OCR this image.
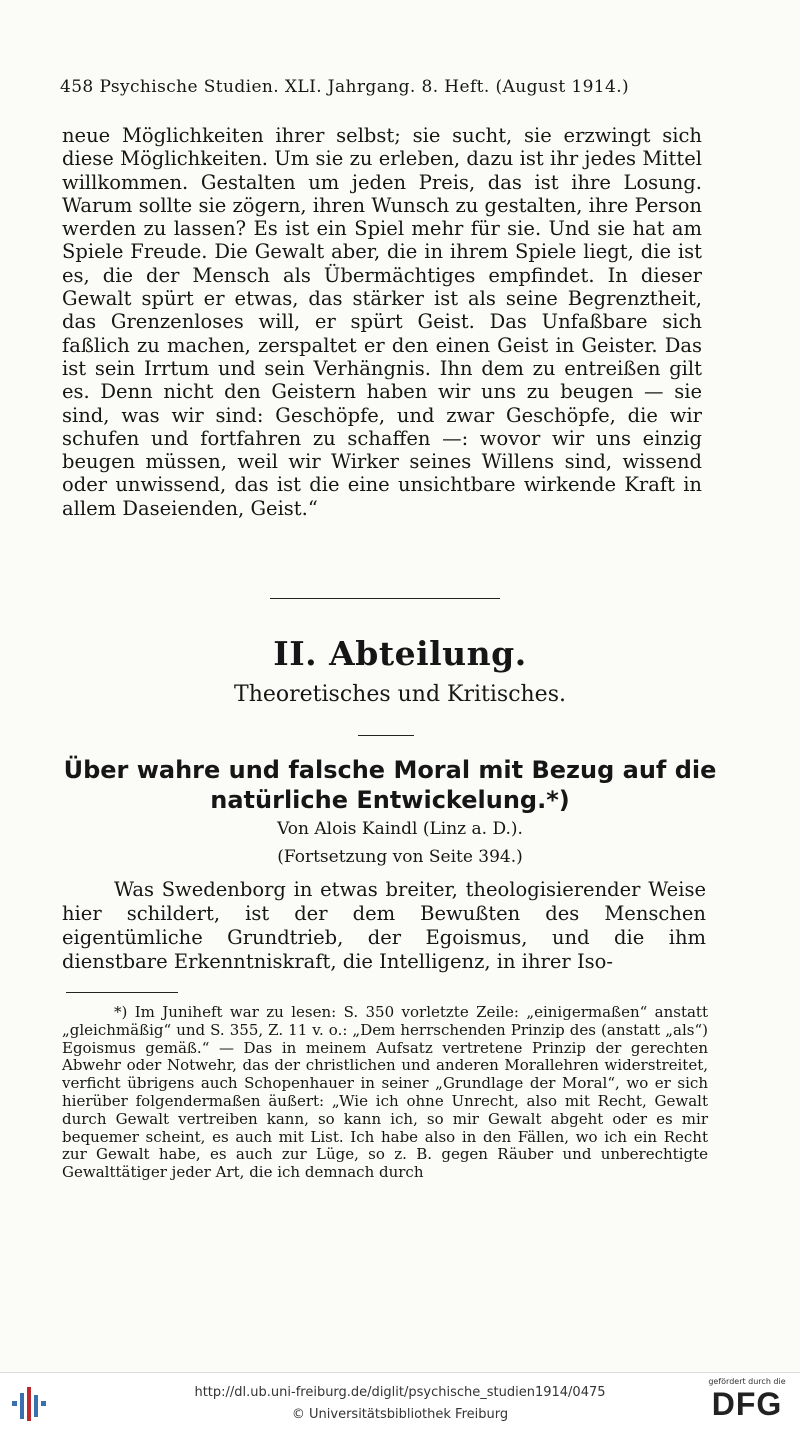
458 Psychische Studien. XLI. Jahrgang. 8. Heft. (August 1914.)

neue Möglichkeiten ihrer selbst; sie sucht, sie erzwingt sich diese Möglichkeiten. Um sie zu erleben, dazu ist ihr jedes Mittel willkommen. Gestalten um jeden Preis, das ist ihre Losung. Warum sollte sie zögern, ihren Wunsch zu gestalten, ihre Person werden zu lassen? Es ist ein Spiel mehr für sie. Und sie hat am Spiele Freude. Die Gewalt aber, die in ihrem Spiele liegt, die ist es, die der Mensch als Übermächtiges empfindet. In dieser Gewalt spürt er etwas, das stärker ist als seine Begrenztheit, das Grenzenloses will, er spürt Geist. Das Unfaßbare sich faßlich zu machen, zerspaltet er den einen Geist in Geister. Das ist sein Irrtum und sein Verhängnis. Ihn dem zu entreißen gilt es. Denn nicht den Geistern haben wir uns zu beugen — sie sind, was wir sind: Geschöpfe, und zwar Geschöpfe, die wir schufen und fortfahren zu schaffen —: wovor wir uns einzig beugen müssen, weil wir Wirker seines Willens sind, wissend oder unwissend, das ist die eine unsichtbare wirkende Kraft in allem Daseienden, Geist.“

II. Abteilung.
Theoretisches und Kritisches.
Über wahre und falsche Moral mit Bezug auf die natürliche Entwickelung.*)
Von Alois Kaindl (Linz a. D.).
(Fortsetzung von Seite 394.)

Was Swedenborg in etwas breiter, theologisierender Weise hier schildert, ist der dem Bewußten des Menschen eigentümliche Grundtrieb, der Egoismus, und die ihm dienstbare Erkenntniskraft, die Intelligenz, in ihrer Iso-

*) Im Juniheft war zu lesen: S. 350 vorletzte Zeile: „einigermaßen“ anstatt „gleichmäßig“ und S. 355, Z. 11 v. o.: „Dem herrschenden Prinzip des (anstatt „als“) Egoismus gemäß.“ — Das in meinem Aufsatz vertretene Prinzip der gerechten Abwehr oder Notwehr, das der christlichen und anderen Morallehren widerstreitet, verficht übrigens auch Schopenhauer in seiner „Grundlage der Moral“, wo er sich hierüber folgendermaßen äußert: „Wie ich ohne Unrecht, also mit Recht, Gewalt durch Gewalt vertreiben kann, so kann ich, so mir Gewalt abgeht oder es mir bequemer scheint, es auch mit List. Ich habe also in den Fällen, wo ich ein Recht zur Gewalt habe, es auch zur Lüge, so z. B. gegen Räuber und unberechtigte Gewalttätiger jeder Art, die ich demnach durch

http://dl.ub.uni-freiburg.de/diglit/psychische_studien1914/0475
© Universitätsbibliothek Freiburg
gefördert durch die
DFG
